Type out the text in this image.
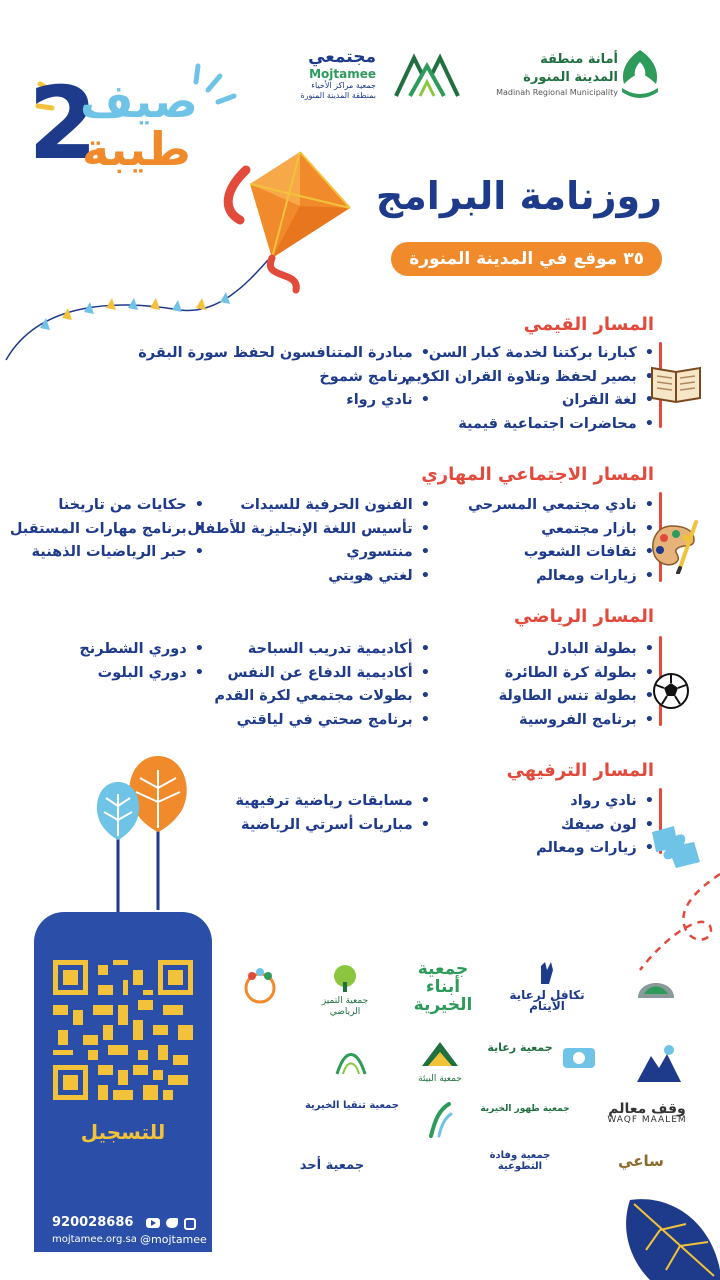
أمانة منطقة
المدينة المنورة
Madinah Regional Municipality
مجتمعي
Mojtamee
جمعية مراكز الأحياء
بمنطقة المدينة المنورة
2
صيف
طيبة
روزنامة البرامج
٣٥ موقع في المدينة المنورة
المسار القيمي
• كبارنا بركتنا لخدمة كبار السن
• بصير لحفظ وتلاوة القران الكريم
• لغة القران
• محاضرات اجتماعية قيمية
• مبادرة المتنافسون لحفظ سورة البقرة
• برنامج شموخ
• نادي رواء
المسار الاجتماعي المهاري
• نادي مجتمعي المسرحي
• بازار مجتمعي
• ثقافات الشعوب
• زيارات ومعالم
• الفنون الحرفية للسيدات
• تأسيس اللغة الإنجليزية للأطفال
• منتسوري
• لغتي هويتي
• حكايات من تاريخنا
• برنامج مهارات المستقبل
• حبر الرياضيات الذهنية
المسار الرياضي
• بطولة البادل
• بطولة كرة الطائرة
• بطولة تنس الطاولة
• برنامج الفروسية
• أكاديمية تدريب السباحة
• أكاديمية الدفاع عن النفس
• بطولات مجتمعي لكرة القدم
• برنامج صحتي في لياقتي
• دوري الشطرنج
• دوري البلوت
المسار الترفيهي
• نادي رواد
• لون صيفك
• زيارات ومعالم
• مسابقات رياضية ترفيهية
• مباريات أسرتي الرياضية
للتسجيل
920028686
mojtamee.org.sa @mojtamee
جمعية أبناء الخيرية	تكافل لرعاية الأيتام
جمعية التميز الرياضي
جمعية البيئة
جمعية رعاية
جمعية تنقيا الخيرية	جمعية ظهور الخيرية	وقف معالم
WAQF MAALEM
جمعية أحد
جمعية وفادة التطوعية	ساعي
